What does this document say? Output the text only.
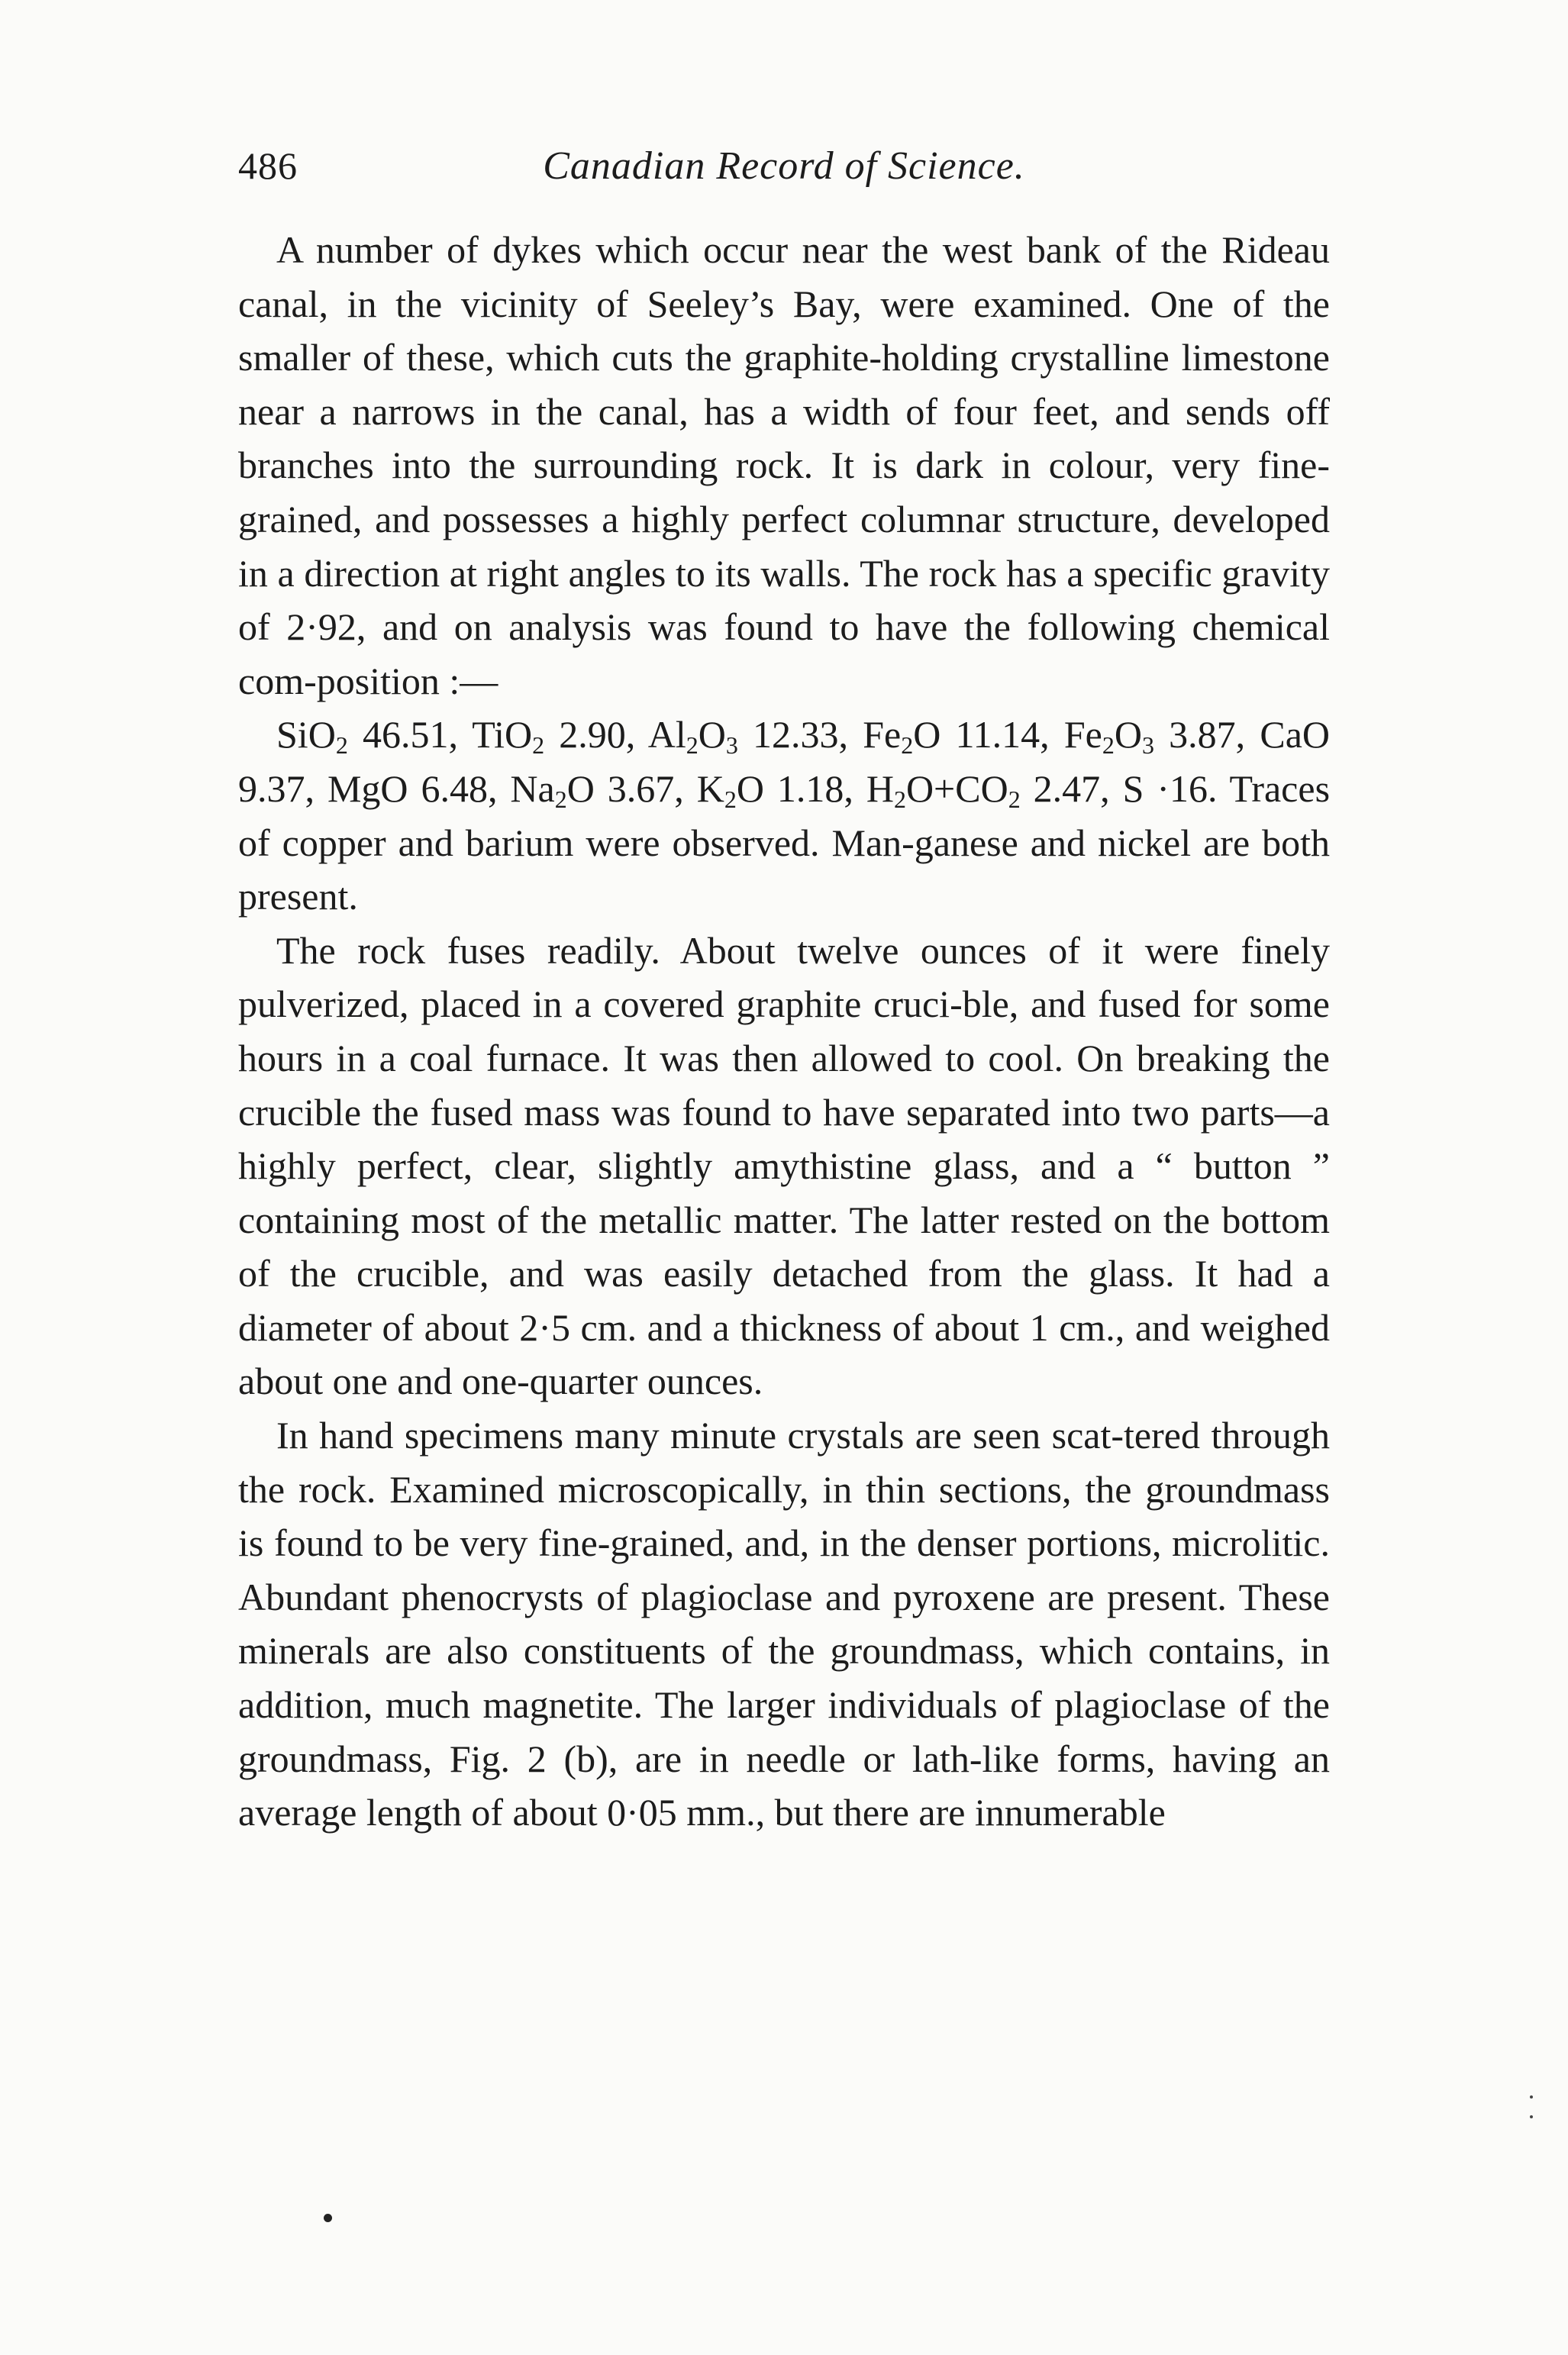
486	Canadian Record of Science.

A number of dykes which occur near the west bank of the Rideau canal, in the vicinity of Seeley’s Bay, were examined. One of the smaller of these, which cuts the graphite-holding crystalline limestone near a narrows in the canal, has a width of four feet, and sends off branches into the surrounding rock. It is dark in colour, very fine-grained, and possesses a highly perfect columnar structure, developed in a direction at right angles to its walls. The rock has a specific gravity of 2·92, and on analysis was found to have the following chemical com-position :—

SiO$_2$ 46.51, TiO$_2$ 2.90, $Al_2O_3$ 12.33, $Fe_2O$ 11.14, $Fe_2O_3$ 3.87, CaO 9.37, MgO 6.48, $Na_2O$ 3.67, $K_2O$ 1.18, $H_2O+CO_2$ 2.47, S ·16. Traces of copper and barium were observed. Man-ganese and nickel are both present.

The rock fuses readily. About twelve ounces of it were finely pulverized, placed in a covered graphite cruci-ble, and fused for some hours in a coal furnace. It was then allowed to cool. On breaking the crucible the fused mass was found to have separated into two parts—a highly perfect, clear, slightly amythistine glass, and a “ button ” containing most of the metallic matter. The latter rested on the bottom of the crucible, and was easily detached from the glass. It had a diameter of about 2·5 cm. and a thickness of about 1 cm., and weighed about one and one-quarter ounces.

In hand specimens many minute crystals are seen scat-tered through the rock. Examined microscopically, in thin sections, the groundmass is found to be very fine-grained, and, in the denser portions, microlitic. Abundant phenocrysts of plagioclase and pyroxene are present. These minerals are also constituents of the groundmass, which contains, in addition, much magnetite. The larger individuals of plagioclase of the groundmass, Fig. 2 (b), are in needle or lath-like forms, having an average length of about 0·05 mm., but there are innumerable
